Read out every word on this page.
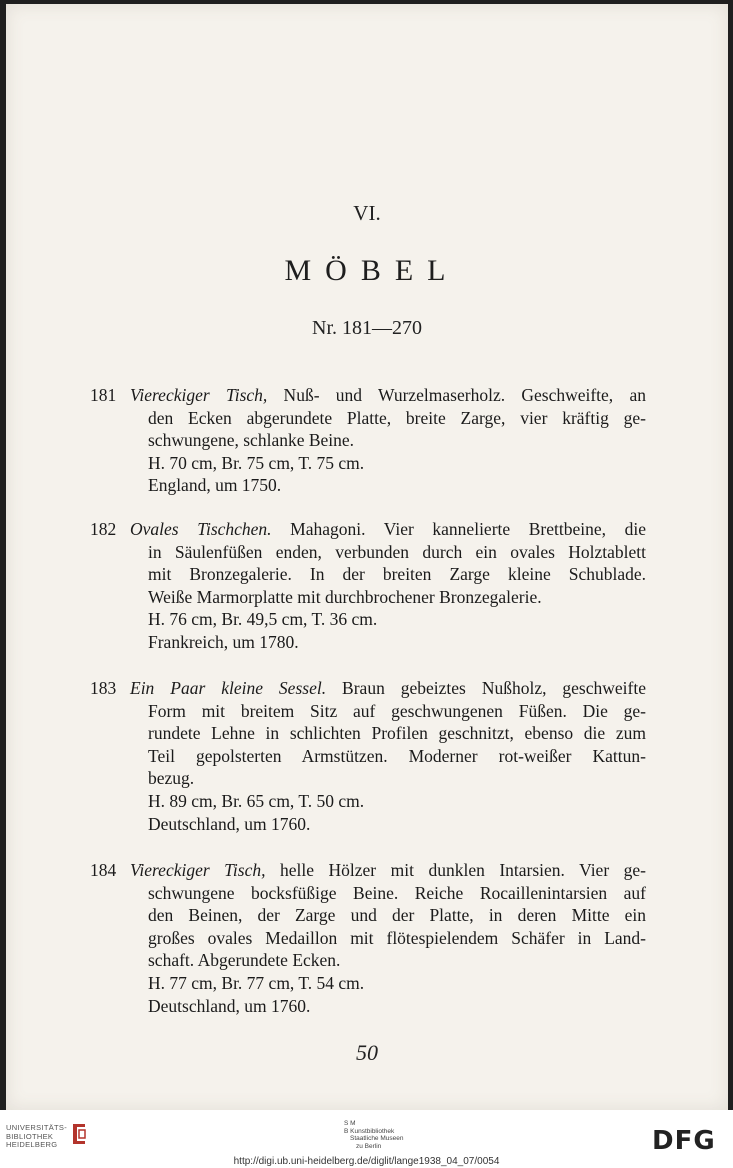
VI.
MÖBEL
Nr. 181—270
181 Viereckiger Tisch, Nuß- und Wurzelmaserholz. Geschweifte, an
den Ecken abgerundete Platte, breite Zarge, vier kräftig ge-
schwungene, schlanke Beine.
H. 70 cm, Br. 75 cm, T. 75 cm.
England, um 1750.
182 Ovales Tischchen. Mahagoni. Vier kannelierte Brettbeine, die
in Säulenfüßen enden, verbunden durch ein ovales Holztablett
mit Bronzegalerie. In der breiten Zarge kleine Schublade.
Weiße Marmorplatte mit durchbrochener Bronzegalerie.
H. 76 cm, Br. 49,5 cm, T. 36 cm.
Frankreich, um 1780.
183 Ein Paar kleine Sessel. Braun gebeiztes Nußholz, geschweifte
Form mit breitem Sitz auf geschwungenen Füßen. Die ge-
rundete Lehne in schlichten Profilen geschnitzt, ebenso die zum
Teil gepolsterten Armstützen. Moderner rot-weißer Kattun-
bezug.
H. 89 cm, Br. 65 cm, T. 50 cm.
Deutschland, um 1760.
184 Viereckiger Tisch, helle Hölzer mit dunklen Intarsien. Vier ge-
schwungene bocksfüßige Beine. Reiche Rocaillenintarsien auf
den Beinen, der Zarge und der Platte, in deren Mitte ein
großes ovales Medaillon mit flötespielendem Schäfer in Land-
schaft. Abgerundete Ecken.
H. 77 cm, Br. 77 cm, T. 54 cm.
Deutschland, um 1760.
50
UNIVERSITÄTS-
BIBLIOTHEK
HEIDELBERG
S M
B Kunstbibliothek
Staatliche Museen
zu Berlin	DFG
http://digi.ub.uni-heidelberg.de/diglit/lange1938_04_07/0054
